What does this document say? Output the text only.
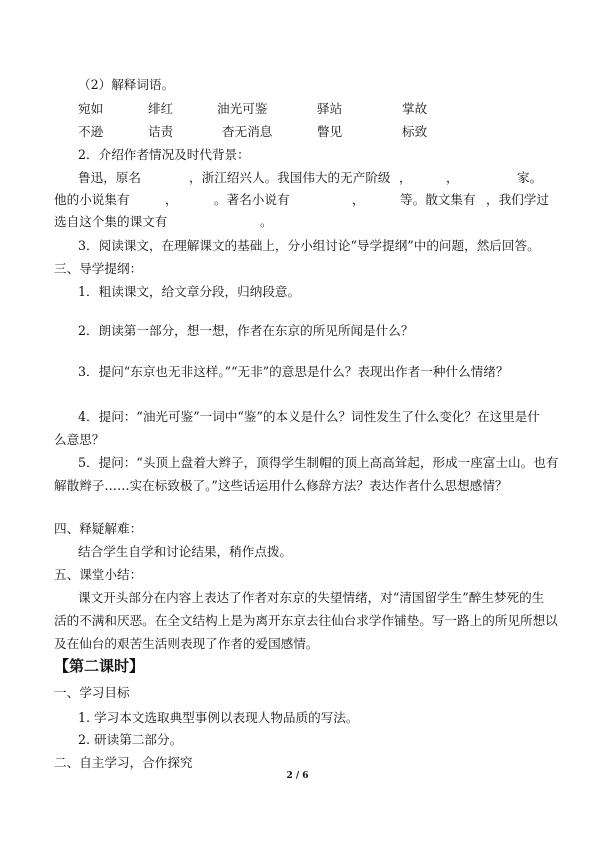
（2）解释词语。
宛如	绯红	油光可鉴	驿站	掌故
不逊	诘责	杳无消息	瞥见	标致
2．介绍作者情况及时代背景：
鲁迅，原名	，浙江绍兴人。我国伟大的无产阶级 ，	，	家。
他的小说集有	，	。著名小说有	，	等。散文集有 ，我们学过
选自这个集的课文有	。
3．阅读课文，在理解课文的基础上，分小组讨论“导学提纲”中的问题，然后回答。
三、导学提纲：
1．粗读课文，给文章分段，归纳段意。
2．朗读第一部分，想一想，作者在东京的所见所闻是什么？
3．提问“东京也无非这样。”“无非”的意思是什么？表现出作者一种什么情绪？
4．提问：“油光可鉴”一词中“鉴”的本义是什么？词性发生了什么变化？在这里是什
么意思？
5．提问：“头顶上盘着大辫子，顶得学生制帽的顶上高高耸起，形成一座富士山。也有
解散辫子……实在标致极了。”这些话运用什么修辞方法？表达作者什么思想感情？
四、释疑解难：
结合学生自学和讨论结果，稍作点拨。
五、课堂小结：
课文开头部分在内容上表达了作者对东京的失望情绪，对“清国留学生”醉生梦死的生
活的不满和厌恶。在全文结构上是为离开东京去往仙台求学作铺垫。写一路上的所见所想以
及在仙台的艰苦生活则表现了作者的爱国感情。
【第二课时】
一、学习目标
1. 学习本文选取典型事例以表现人物品质的写法。
2. 研读第二部分。
二、自主学习，合作探究
2 / 6
